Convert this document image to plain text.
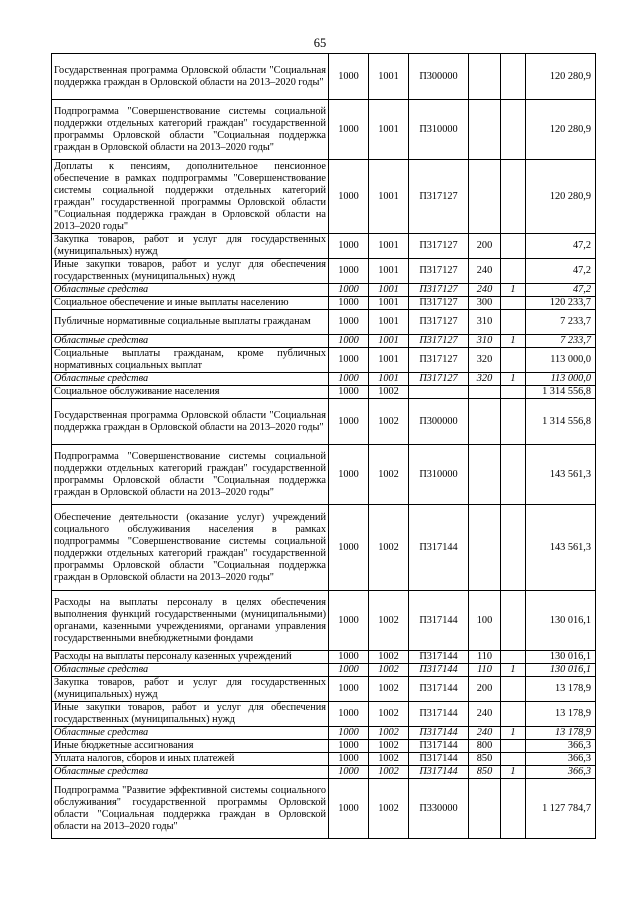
65
Государственная программа Орловской области "Социальная поддержка граждан в Орловской области на 2013–2020 годы"	1000	1001	П300000			120 280,9
Подпрограмма "Совершенствование системы социальной поддержки отдельных категорий граждан" государственной программы Орловской области "Социальная поддержка граждан в Орловской области на 2013–2020 годы"	1000	1001	П310000			120 280,9
Доплаты к пенсиям, дополнительное пенсионное обеспечение в рамках подпрограммы "Совершенствование системы социальной поддержки отдельных категорий граждан" государственной программы Орловской области "Социальная поддержка граждан в Орловской области на 2013–2020 годы"	1000	1001	П317127			120 280,9
Закупка товаров, работ и услуг для государственных (муниципальных) нужд	1000	1001	П317127	200		47,2
Иные закупки товаров, работ и услуг для обеспечения государственных (муниципальных) нужд	1000	1001	П317127	240		47,2
Областные средства	1000	1001	П317127	240	1	47,2
Социальное обеспечение и иные выплаты населению	1000	1001	П317127	300		120 233,7
Публичные нормативные социальные выплаты гражданам	1000	1001	П317127	310		7 233,7
Областные средства	1000	1001	П317127	310	1	7 233,7
Социальные выплаты гражданам, кроме публичных нормативных социальных выплат	1000	1001	П317127	320		113 000,0
Областные средства	1000	1001	П317127	320	1	113 000,0
Социальное обслуживание населения	1000	1002				1 314 556,8
Государственная программа Орловской области "Социальная поддержка граждан в Орловской области на 2013–2020 годы"	1000	1002	П300000			1 314 556,8
Подпрограмма "Совершенствование системы социальной поддержки отдельных категорий граждан" государственной программы Орловской области "Социальная поддержка граждан в Орловской области на 2013–2020 годы"	1000	1002	П310000			143 561,3
Обеспечение деятельности (оказание услуг) учреждений социального обслуживания населения в рамках подпрограммы "Совершенствование системы социальной поддержки отдельных категорий граждан" государственной программы Орловской области "Социальная поддержка граждан в Орловской области на 2013–2020 годы"	1000	1002	П317144			143 561,3
Расходы на выплаты персоналу в целях обеспечения выполнения функций государственными (муниципальными) органами, казенными учреждениями, органами управления государственными внебюджетными фондами	1000	1002	П317144	100		130 016,1
Расходы на выплаты персоналу казенных учреждений	1000	1002	П317144	110		130 016,1
Областные средства	1000	1002	П317144	110	1	130 016,1
Закупка товаров, работ и услуг для государственных (муниципальных) нужд	1000	1002	П317144	200		13 178,9
Иные закупки товаров, работ и услуг для обеспечения государственных (муниципальных) нужд	1000	1002	П317144	240		13 178,9
Областные средства	1000	1002	П317144	240	1	13 178,9
Иные бюджетные ассигнования	1000	1002	П317144	800		366,3
Уплата налогов, сборов и иных платежей	1000	1002	П317144	850		366,3
Областные средства	1000	1002	П317144	850	1	366,3
Подпрограмма "Развитие эффективной системы социального обслуживания" государственной программы Орловской области "Социальная поддержка граждан в Орловской области на 2013–2020 годы"	1000	1002	П330000			1 127 784,7
